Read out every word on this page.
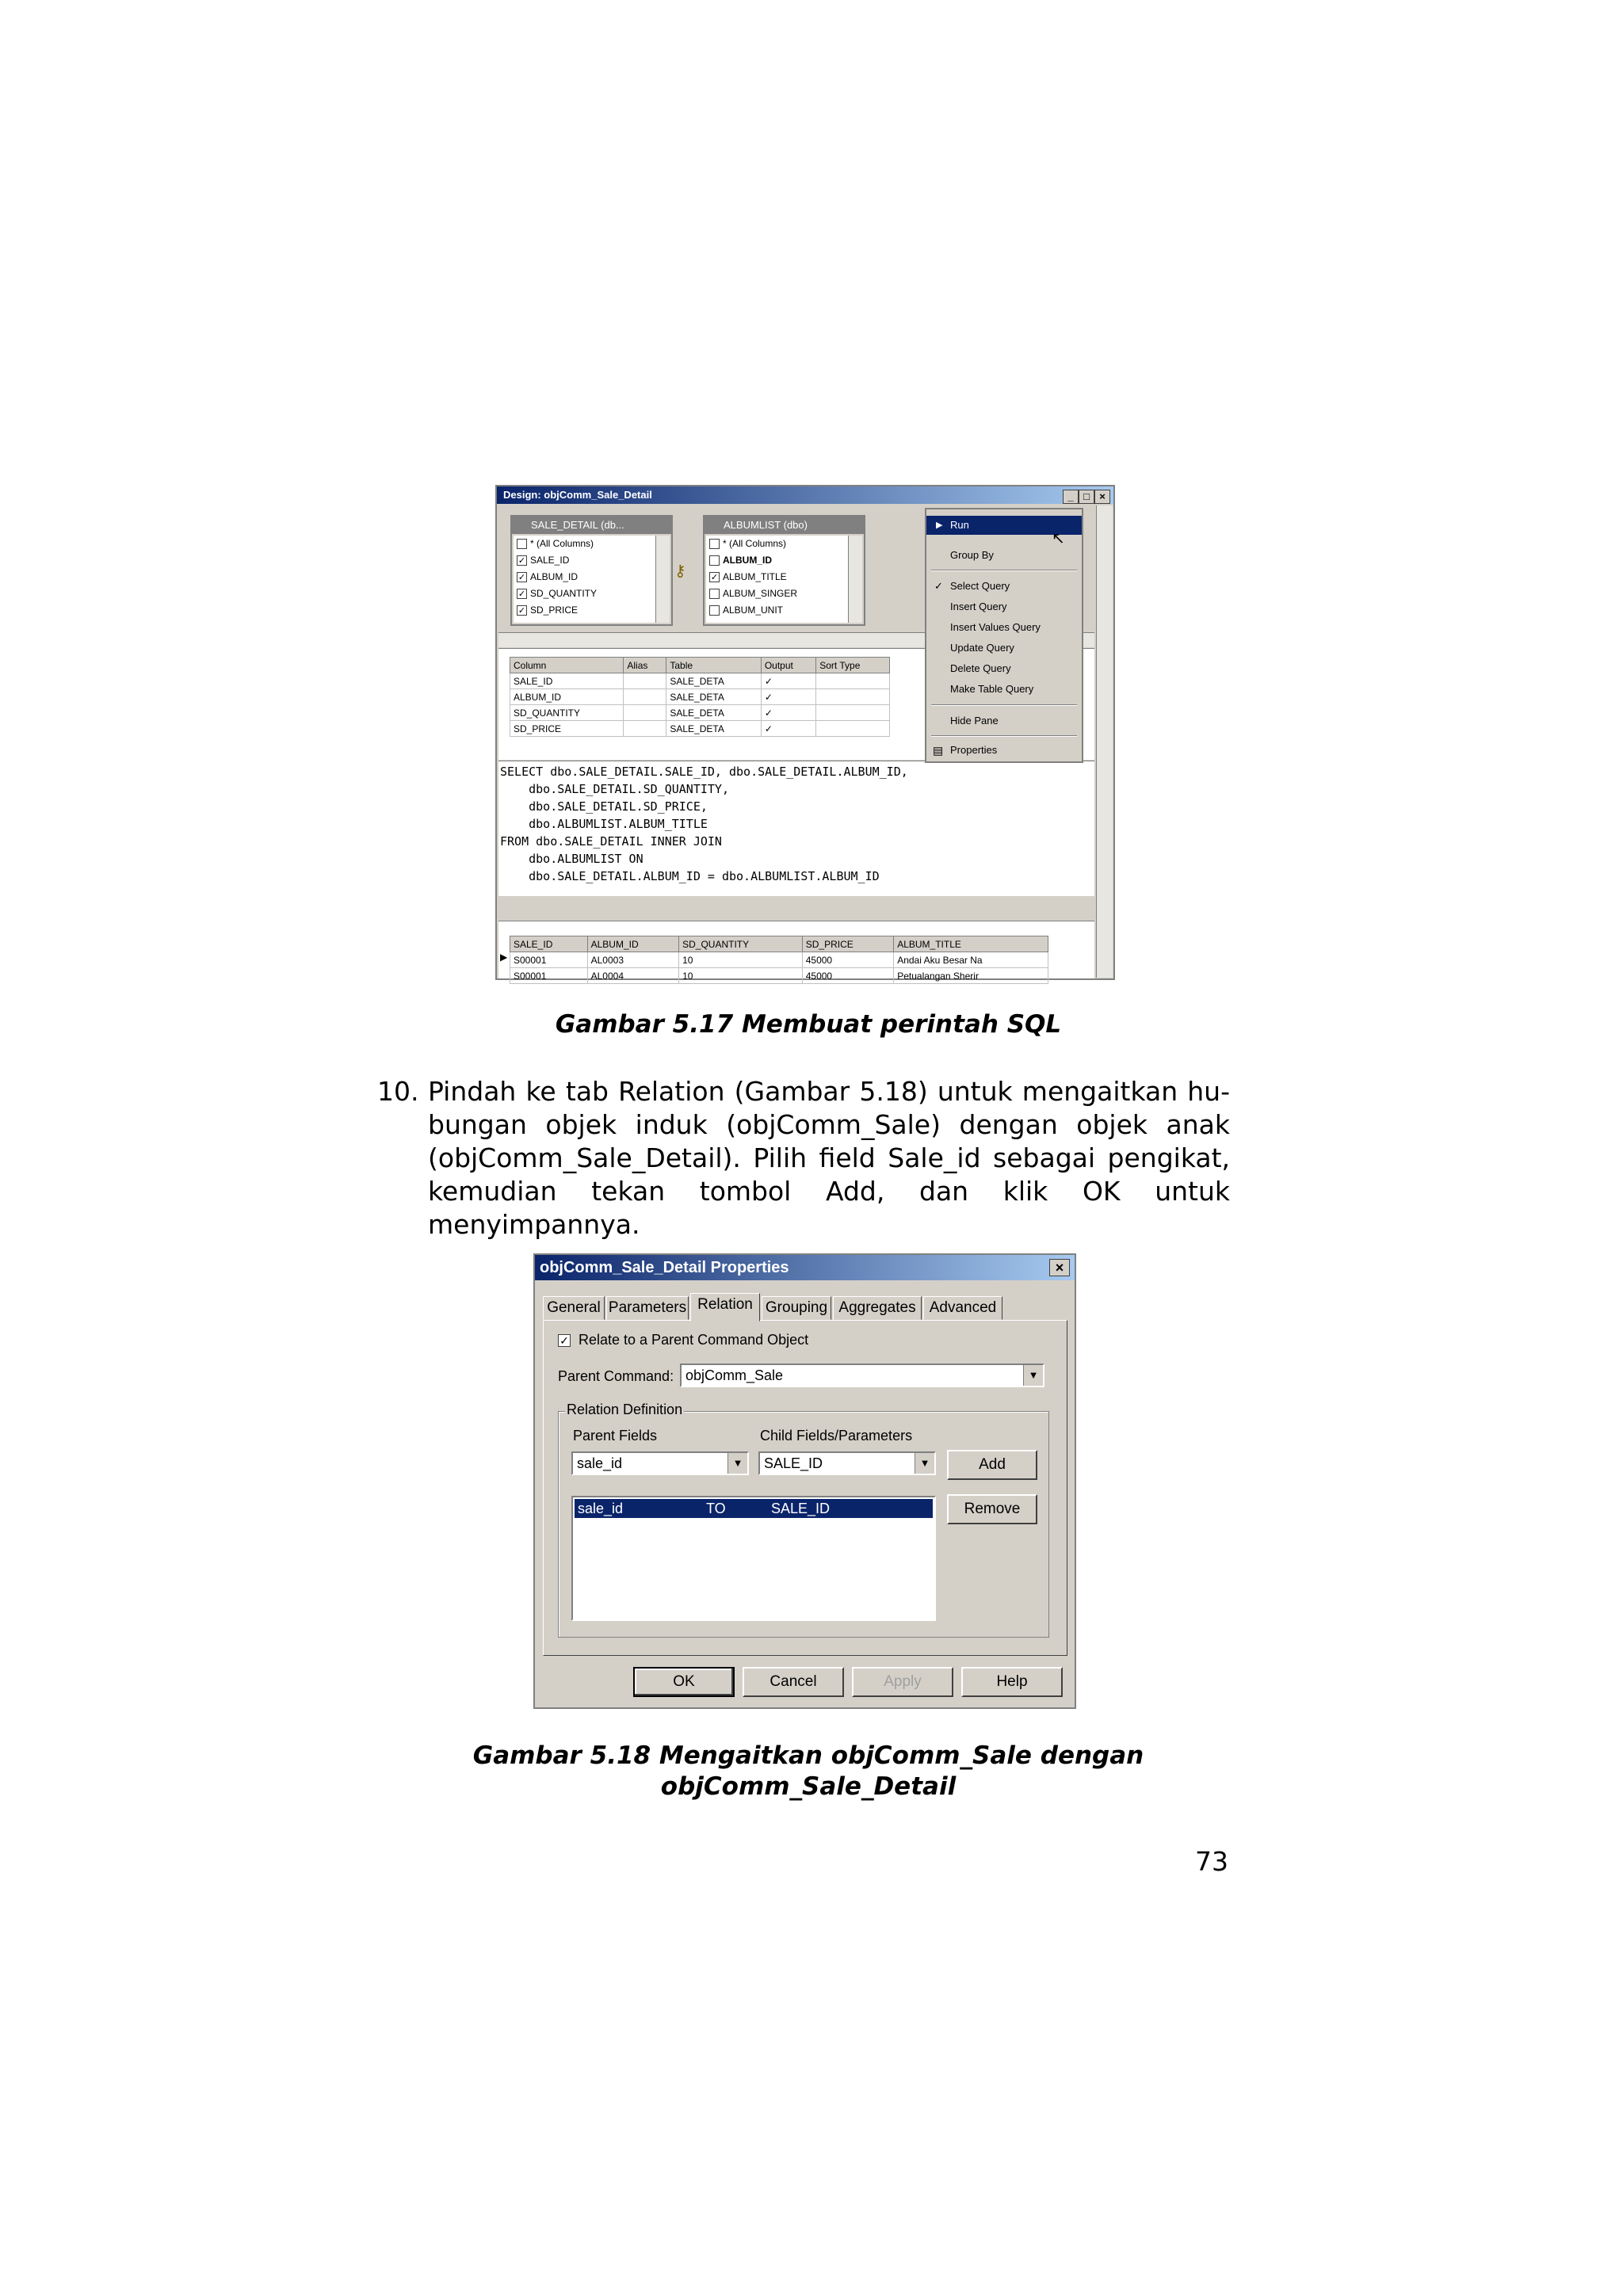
Design: objComm_Sale_Detail	_ □ ×
SALE_DETAIL (db...
* (All Columns)
✓ SALE_ID
✓ ALBUM_ID
✓ SD_QUANTITY
✓ SD_PRICE
⚷
ALBUMLIST (dbo)
* (All Columns)
ALBUM_ID
✓ ALBUM_TITLE
ALBUM_SINGER
ALBUM_UNIT
Column	Alias	Table	Output	Sort Type
SALE_ID		SALE_DETA	✓	
ALBUM_ID		SALE_DETA	✓	
SD_QUANTITY		SALE_DETA	✓	
SD_PRICE		SALE_DETA	✓	
SELECT dbo.SALE_DETAIL.SALE_ID, dbo.SALE_DETAIL.ALBUM_ID,
dbo.SALE_DETAIL.SD_QUANTITY,
dbo.SALE_DETAIL.SD_PRICE,
dbo.ALBUMLIST.ALBUM_TITLE
FROM dbo.SALE_DETAIL INNER JOIN
dbo.ALBUMLIST ON
dbo.SALE_DETAIL.ALBUM_ID = dbo.ALBUMLIST.ALBUM_ID
SALE_ID	ALBUM_ID	SD_QUANTITY	SD_PRICE	ALBUM_TITLE
S00001	AL0003	10	45000	Andai Aku Besar Na
S00001	AL0004	10	45000	Petualangan Sherir
▶
▶ Run
↖
Group By
✓ Select Query
Insert Query
Insert Values Query
Update Query
Delete Query
Make Table Query
Hide Pane
▤ Properties
Gambar 5.17 Membuat perintah SQL
10. Pindah ke tab Relation (Gambar 5.18) untuk mengaitkan hu-
bungan objek induk (objComm_Sale) dengan objek anak
(objComm_Sale_Detail). Pilih field Sale_id sebagai pengikat,
kemudian tekan tombol Add, dan klik OK untuk menyimpannya.
objComm_Sale_Detail Properties	×
General Parameters Relation Grouping Aggregates Advanced
✓ Relate to a Parent Command Object
Parent Command: objComm_Sale	▼
Relation Definition
Parent Fields	Child Fields/Parameters
sale_id	▼	SALE_ID	▼	Add
Remove
sale_id	TO	SALE_ID
OK	Cancel	Apply	Help
Gambar 5.18 Mengaitkan objComm_Sale dengan
objComm_Sale_Detail
73
